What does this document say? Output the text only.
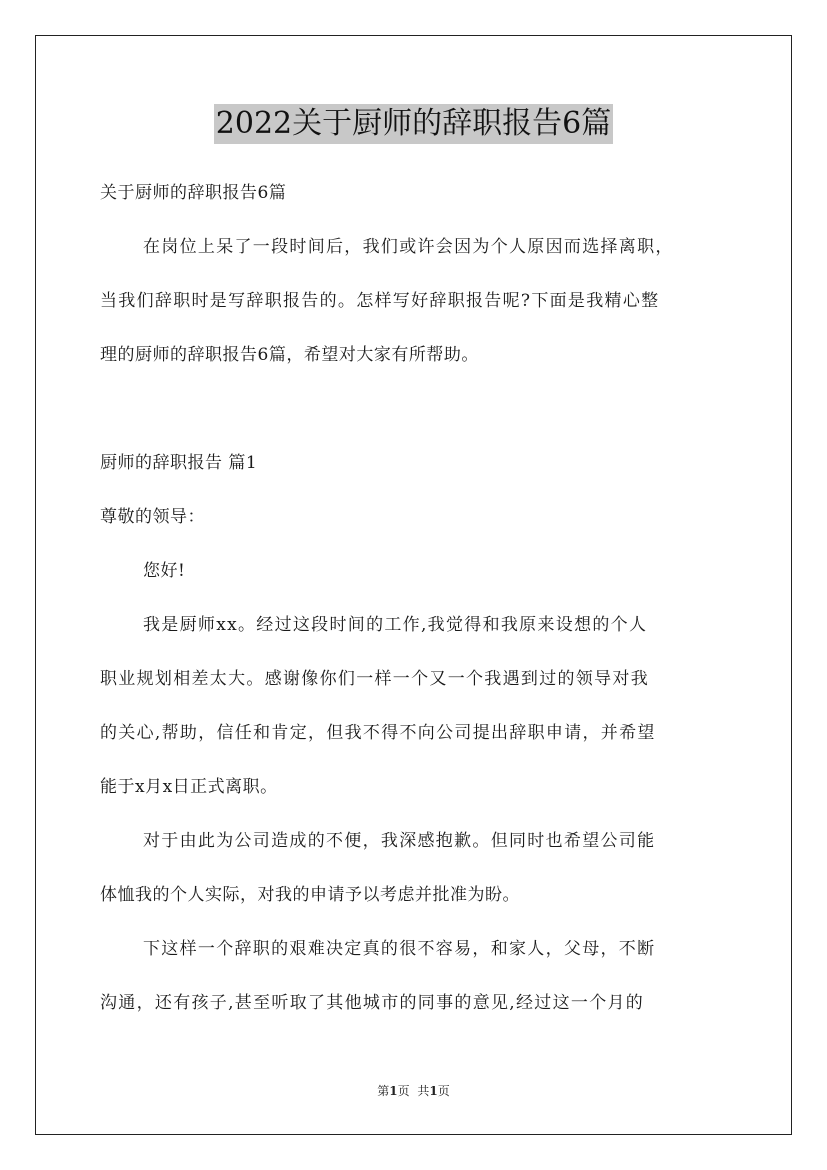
2022关于厨师的辞职报告6篇
关于厨师的辞职报告6篇
在岗位上呆了一段时间后，我们或许会因为个人原因而选择离职，
当我们辞职时是写辞职报告的。怎样写好辞职报告呢?下面是我精心整
理的厨师的辞职报告6篇，希望对大家有所帮助。
厨师的辞职报告 篇1
尊敬的领导：
您好!
我是厨师xx。经过这段时间的工作,我觉得和我原来设想的个人
职业规划相差太大。感谢像你们一样一个又一个我遇到过的领导对我
的关心,帮助，信任和肯定，但我不得不向公司提出辞职申请，并希望
能于x月x日正式离职。
对于由此为公司造成的不便，我深感抱歉。但同时也希望公司能
体恤我的个人实际，对我的申请予以考虑并批准为盼。
下这样一个辞职的艰难决定真的很不容易，和家人，父母，不断
沟通，还有孩子,甚至听取了其他城市的同事的意见,经过这一个月的
第1页 共1页
